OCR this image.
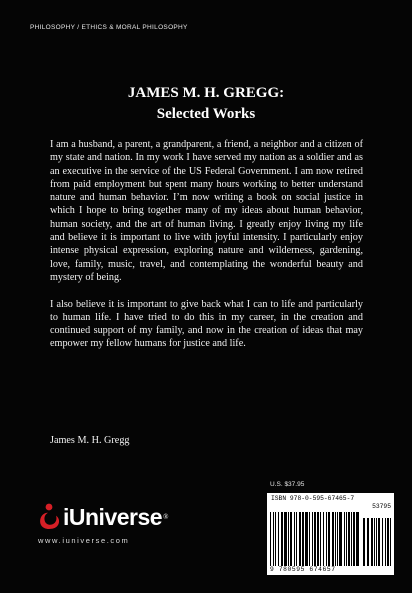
PHILOSOPHY / ETHICS & MORAL PHILOSOPHY
JAMES M. H. GREGG:
Selected Works

I am a husband, a parent, a grandparent, a friend, a neighbor and a citizen of my state and nation. In my work I have served my nation as a soldier and as an executive in the service of the US Federal Government. I am now retired from paid employment but spent many hours working to better understand nature and human behavior. I’m now writing a book on social justice in which I hope to bring together many of my ideas about human behavior, human society, and the art of human living. I greatly enjoy living my life and believe it is important to live with joyful intensity. I particularly enjoy intense physical expression, exploring nature and wilderness, gardening, love, family, music, travel, and contemplating the wonderful beauty and mystery of being.

I also believe it is important to give back what I can to life and particularly to human life. I have tried to do this in my career, in the creation and continued support of my family, and now in the creation of ideas that may empower my fellow humans for justice and life.

James M. H. Gregg
iUniverse ®
www.iuniverse.com
U.S. $37.95
ISBN 978-0-595-67465-7
53795
9 780595 674657
